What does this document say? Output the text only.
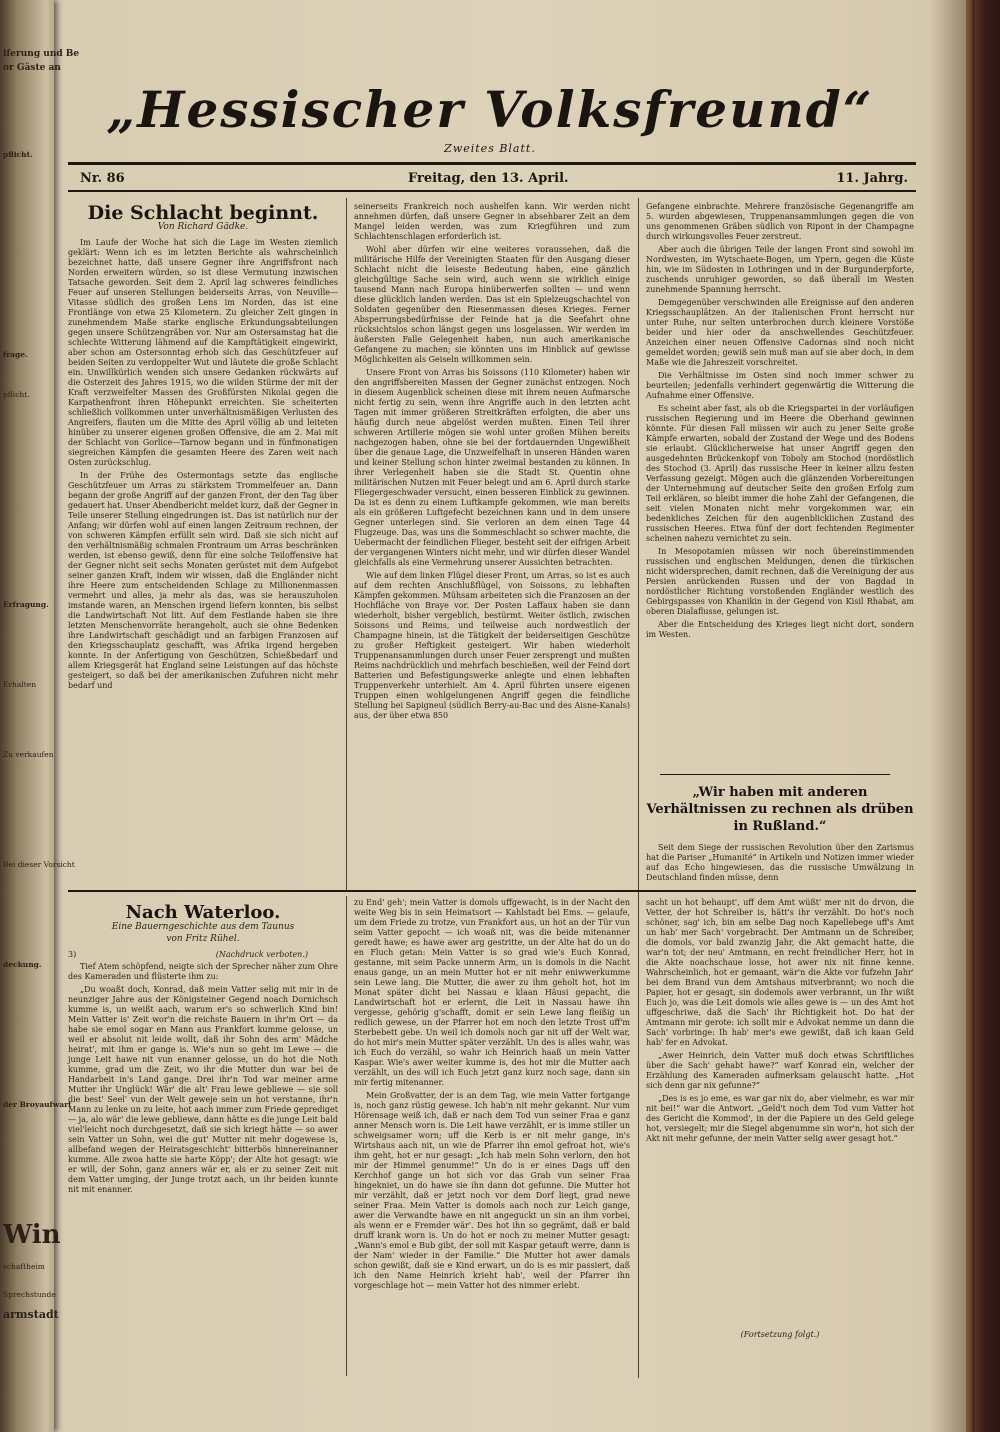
iferung und Be
or Gäste an
pflicht.
frage.
pflicht.
Erfragung.
Erhalten
Zu verkaufen
Bei dieser Vorsicht
deckung.
der Broyaufwart
Win
schaftheim
Sprechstunde
armstadt
„Hessischer Volksfreund“
Zweites Blatt.
Nr. 86	Freitag, den 13. April.	11. Jahrg.
Die Schlacht beginnt.
Von Richard Gädke.

Im Laufe der Woche hat sich die Lage im Westen ziemlich geklärt: Wenn ich es im letzten Berichte als wahrscheinlich bezeichnet hatte, daß unsere Gegner ihre Angriffsfront nach Norden erweitern würden, so ist diese Vermutung inzwischen Tatsache geworden. Seit dem 2. April lag schweres feindliches Feuer auf unseren Stellungen beiderseits Arras, von Neuville—Vitasse südlich des großen Lens im Norden, das ist eine Frontlänge von etwa 25 Kilometern. Zu gleicher Zeit gingen in zunehmendem Maße starke englische Erkundungsabteilungen gegen unsere Schützengräben vor. Nur am Ostersamstag hat die schlechte Witterung lähmend auf die Kampftätigkeit eingewirkt, aber schon am Ostersonntag erhob sich das Geschützfeuer auf beiden Seiten zu verdoppelter Wut und läutete die große Schlacht ein. Unwillkürlich wenden sich unsere Gedanken rückwärts auf die Osterzeit des Jahres 1915, wo die wilden Stürme der mit der Kraft verzweifelter Massen des Großfürsten Nikolai gegen die Karpathenfront ihren Höhepunkt erreichten. Sie scheiterten schließlich vollkommen unter unverhältnismäßigen Verlusten des Angreifers, flauten um die Mitte des April völlig ab und leiteten hinüber zu unserer eigenen großen Offensive, die am 2. Mai mit der Schlacht von Gorlice—Tarnow begann und in fünfmonatigen siegreichen Kämpfen die gesamten Heere des Zaren weit nach Osten zurückschlug.

In der Frühe des Ostermontags setzte das englische Geschützfeuer um Arras zu stärkstem Trommelfeuer an. Dann begann der große Angriff auf der ganzen Front, der den Tag über gedauert hat. Unser Abendbericht meldet kurz, daß der Gegner in Teile unserer Stellung eingedrungen ist. Das ist natürlich nur der Anfang; wir dürfen wohl auf einen langen Zeitraum rechnen, der von schweren Kämpfen erfüllt sein wird. Daß sie sich nicht auf den verhältnismäßig schmalen Frontraum um Arras beschränken werden, ist ebenso gewiß, denn für eine solche Teiloffensive hat der Gegner nicht seit sechs Monaten gerüstet mit dem Aufgebot seiner ganzen Kraft, indem wir wissen, daß die Engländer nicht ihre Heere zum entscheidenden Schlage zu Millionenmassen vermehrt und alles, ja mehr als das, was sie herauszuholen imstande waren, an Menschen irgend liefern konnten, bis selbst die Landwirtschaft Not litt. Auf dem Festlande haben sie ihre letzten Menschenvorräte herangeholt, auch sie ohne Bedenken ihre Landwirtschaft geschädigt und an farbigen Franzosen auf den Kriegsschauplatz geschafft, was Afrika irgend hergeben konnte. In der Anfertigung von Geschützen, Schießbedarf und allem Kriegsgerät hat England seine Leistungen auf das höchste gesteigert, so daß bei der amerikanischen Zufuhren nicht mehr bedarf und

seinerseits Frankreich noch aushelfen kann. Wir werden nicht annehmen dürfen, daß unsere Gegner in absehbarer Zeit an dem Mangel leiden werden, was zum Kriegführen und zum Schlachtenschlagen erforderlich ist.

Wohl aber dürfen wir eine weiteres voraussehen, daß die militärische Hilfe der Vereinigten Staaten für den Ausgang dieser Schlacht nicht die leiseste Bedeutung haben, eine gänzlich gleichgültige Sache sein wird, auch wenn sie wirklich einige tausend Mann nach Europa hinüberwerfen sollten — und wenn diese glücklich landen werden. Das ist ein Spielzeugschachtel von Soldaten gegenüber den Riesenmassen dieses Krieges. Ferner Absperrungsbedürfnisse der Feinde hat ja die Seefahrt ohne rücksichtslos schon längst gegen uns losgelassen. Wir werden im äußersten Falle Gelegenheit haben, nun auch amerikanische Gefangene zu machen; sie könnten uns im Hinblick auf gewisse Möglichkeiten als Geiseln willkommen sein.

Unsere Front von Arras bis Soissons (110 Kilometer) haben wir den angriffsbereiten Massen der Gegner zunächst entzogen. Noch in diesem Augenblick scheinen diese mit ihrem neuen Aufmarsche nicht fertig zu sein, wenn ihre Angriffe auch in den letzten acht Tagen mit immer größeren Streitkräften erfolgten, die aber uns häufig durch neue abgelöst werden mußten. Einen Teil ihrer schweren Artillerie mögen sie wohl unter großen Mühen bereits nachgezogen haben, ohne sie bei der fortdauernden Ungewißheit über die genaue Lage, die Unzweifelhaft in unseren Händen waren und keiner Stellung schon hinter zweimal bestanden zu können. In ihrer Verlegenheit haben sie die Stadt St. Quentin ohne militärischen Nutzen mit Feuer belegt und am 6. April durch starke Fliegergeschwader versucht, einen besseren Einblick zu gewinnen. Da ist es denn zu einem Luftkampfe gekommen, wie man bereits als ein größeren Luftgefecht bezeichnen kann und in dem unsere Gegner unterlegen sind. Sie verloren an dem einen Tage 44 Flugzeuge. Das, was uns die Sommeschlacht so schwer machte, die Uebermacht der feindlichen Flieger, besteht seit der eifrigen Arbeit der vergangenen Winters nicht mehr, und wir dürfen dieser Wandel gleichfalls als eine Vermehrung unserer Aussichten betrachten.

Wie auf dem linken Flügel dieser Front, um Arras, so ist es auch auf dem rechten Anschlußflügel, von Soissons, zu lebhaften Kämpfen gekommen. Mühsam arbeiteten sich die Franzosen an der Hochfläche von Braye vor. Der Posten Laffaux haben sie dann wiederholt, bisher vergeblich, bestürmt. Weiter östlich, zwischen Soissons und Reims, und teilweise auch nordwestlich der Champagne hinein, ist die Tätigkeit der beiderseitigen Geschütze zu großer Heftigkeit gesteigert. Wir haben wiederholt Truppenansammlungen durch unser Feuer zersprengt und mußten Reims nachdrücklich und mehrfach beschießen, weil der Feind dort Batterien und Befestigungswerke anlegte und einen lebhaften Truppenverkehr unterhielt. Am 4. April führten unsere eigenen Truppen einen wohlgelungenen Angriff gegen die feindliche Stellung bei Sapigneul (südlich Berry-au-Bac und des Aisne-Kanals) aus, der über etwa 850

Gefangene einbrachte. Mehrere französische Gegenangriffe am 5. wurden abgewiesen, Truppenansammlungen gegen die von uns genommenen Gräben südlich von Ripont in der Champagne durch wirkungsvolles Feuer zerstreut.

Aber auch die übrigen Teile der langen Front sind sowohl im Nordwesten, im Wytschaete-Bogen, um Ypern, gegen die Küste hin, wie im Südosten in Lothringen und in der Burgunderpforte, zuschends unruhiger geworden, so daß überall im Westen zunehmende Spannung herrscht.

Demgegenüber verschwinden alle Ereignisse auf den anderen Kriegsschauplätzen. An der italienischen Front herrscht nur unter Ruhe, nur selten unterbrochen durch kleinere Vorstöße beider und hier oder da anschwellendes Geschützfeuer. Anzeichen einer neuen Offensive Cadornas sind noch nicht gemeldet worden; gewiß sein muß man auf sie aber doch, in dem Maße wie die Jahreszeit vorschreitet.

Die Verhältnisse im Osten sind noch immer schwer zu beurteilen; jedenfalls verhindert gegenwärtig die Witterung die Aufnahme einer Offensive.

Es scheint aber fast, als ob die Kriegspartei in der vorläufigen russischen Regierung und im Heere die Oberhand gewinnen könnte. Für diesen Fall müssen wir auch zu jener Seite große Kämpfe erwarten, sobald der Zustand der Wege und des Bodens sie erlaubt. Glücklicherweise hat unser Angriff gegen den ausgedehnten Brückenkopf von Toboly am Stochod (nordöstlich des Stochod (3. April) das russische Heer in keiner allzu festen Verfassung gezeigt. Mögen auch die glänzenden Vorbereitungen der Unternehmung auf deutscher Seite den großen Erfolg zum Teil erklären, so bleibt immer die hohe Zahl der Gefangenen, die seit vielen Monaten nicht mehr vorgekommen war, ein bedenkliches Zeichen für den augenblicklichen Zustand des russischen Heeres. Etwa fünf der dort fechtenden Regimenter scheinen nahezu vernichtet zu sein.

In Mesopotamien müssen wir noch übereinstimmenden russischen und englischen Meldungen, denen die türkischen nicht widersprechen, damit rechnen, daß die Vereinigung der aus Persien anrückenden Russen und der von Bagdad in nordöstlicher Richtung vorstoßenden Engländer westlich des Gebirgspasses von Khanikin in der Gegend von Kisil Rhabat, am oberen Dialaflusse, gelungen ist.

Aber die Entscheidung des Krieges liegt nicht dort, sondern im Westen.

„Wir haben mit anderen Verhältnissen zu rechnen als drüben in Rußland.“

Seit dem Siege der russischen Revolution über den Zarismus hat die Pariser „Humanité“ in Artikeln und Notizen immer wieder auf das Echo hingewiesen, das die russische Umwälzung in Deutschland finden müsse, denn

Nach Waterloo.
Eine Bauerngeschichte aus dem Taunus
von Fritz Rühel.
3)	(Nachdruck verboten.)

Tief Atem schöpfend, neigte sich der Sprecher näher zum Ohre des Kameraden und flüsterte ihm zu:

„Du woaßt doch, Konrad, daß mein Vatter selig mit mir in de neunziger Jahre aus der Königsteiner Gegend noach Dornichsch kumme is, un weißt aach, warum er's so schwerlich Kind bin! Mein Vatter is' Zeit wor'n die reichste Bauern in ihr'm Ort — da habe sie emol sogar en Mann aus Frankfort kumme gelosse, un weil er absolut nit leide wollt, daß ihr Sohn des arm' Mädche heirat', mit ihm er gange is. Wie's nun so geht im Lewe — die junge Leit hawe nit vun enanner gelosse, un do hot die Noth kumme, grad um die Zeit, wo ihr die Mutter dun war bei de Handarbeit in's Land gange. Drei ihr'n Tod war meiner arme Mutter ihr Unglück! Wär' die alt' Frau lewe gebliewe — sie soll die best' Seel' vun der Welt geweje sein un hot verstanne, ihr'n Mann zu lenke un zu leite, hot aach immer zum Friede geprediget — ja, alo wär' die lewe gebliewe, dann hätte es die junge Leit bald viel'leicht noch durchgesetzt, daß sie sich kriegt hätte — so awer sein Vatter un Sohn, wei die gut' Mutter nit mehr dogewese is, allbefand wegen der Heiratsgeschicht' bitterbös hinnereinanner kumme. Alle zwoa hatte sie harte Köpp'; der Alte hot gesagt: wie er will, der Sohn, ganz anners wär er, als er zu seiner Zeit mit dem Vatter umging, der Junge trotzt aach, un ihr beiden kunnte nit mit enanner.

zu End' geh'; mein Vatter is domols uffgewacht, is in der Nacht den weite Weg bis in sein Heimatsort — Kahlstadt bei Ems. — gelaufe, um dem Friede zu trotze, vun Frankfort aus, un hot an der Tür vun seim Vatter gepocht — ich woaß nit, was die beide mitenanner geredt hawe; es hawe awer arg gestritte, un der Alte hat do un do en Fluch getan: Mein Vatter is so grad wie's Euch Konrad, gestanne, mit seim Packe unnerm Arm, un is domols in die Nacht enaus gange, un an mein Mutter hot er nit mehr eniwwerkumme sein Lewe lang. Die Mutter, die awer zu ihm geholt hot, hot im Monat später dicht bei Nassau e klaan Häusi gepacht, die Landwirtschaft hot er erlernt, die Leit in Nassau hawe ihn vergesse, gehörig g'schafft, domit er sein Lewe lang fleißig un redlich gewese, un der Pfarrer hot em noch den letzte Trost uff'm Sterbebett gebe. Un weil ich domols noch gar nit uff der Welt war, do hot mir's mein Mutter später verzählt. Un des is alles wahr, was ich Euch do verzähl, so wahr ich Heinrich haaß un mein Vatter Kaspar. Wie's awer weiter kumme is, des hot mir die Mutter aach verzählt, un des will ich Euch jetzt ganz kurz noch sage, dann sin mir fertig mitenanner.

Mein Großvatter, der is an dem Tag, wie mein Vatter fortgange is, noch ganz rüstig gewese. Ich hab'n nit mehr gekannt. Nur vum Hörensage weiß ich, daß er nach dem Tod vun seiner Fraa e ganz anner Mensch worn is. Die Leit hawe verzählt, er is imme stiller un schweigsamer worn; uff die Kerb is er nit mehr gange, in's Wirtshaus aach nit, un wie de Pfarrer ihn emol gefroat hot, wie's ihm geht, hot er nur gesagt: „Ich hab mein Sohn verlorn, den hot mir der Himmel genumme!“ Un do is er eines Dags uff den Kerchhof gange un hot sich vor das Grab vun seiner Fraa hingekniet, un do hawe sie ihn dann dot gefunne. Die Mutter hot mir verzählt, daß er jetzt noch vor dem Dorf liegt, grad newe seiner Fraa. Mein Vatter is domols aach noch zur Leich gange, awer die Verwandte hawe en nit angeguckt un sin an ihm vorbei, als wenn er e Fremder wär'. Des hot ihn so gegrämt, daß er bald druff krank worn is. Un do hot er noch zu meiner Mutter gesagt: „Wann's emol e Bub gibt, der soll mit Kaspar getauft werre, dann is der Nam' wieder in der Familie.“ Die Mutter hot awer damals schon gewißt, daß sie e Kind erwart, un do is es mir passiert, daß ich den Name Heinrich krieht hab', weil der Pfarrer ihn vorgeschlage hot — mein Vatter hot des nimmer erlebt.

sacht un hot behaupt', uff dem Amt wüßt' mer nit do drvon, die Vetter, der hot Schreiber is, hätt's ihr verzählt. Do hot's noch schöner, sag' ich, bin am selbe Dag noch Kapellebege uff's Amt un hab' mer Sach' vorgebracht. Der Amtmann un de Schreiber, die domols, vor bald zwanzig Jahr, die Akt gemacht hatte, die war'n tot; der neu' Amtmann, en recht freindlicher Herr, hot in die Akte noachschaue losse, hot awer nix nit finne kenne. Wahrscheinlich, hot er gemaant, wär'n die Akte vor fufzehn Jahr' bei dem Brand vun dem Amtshaus mitverbrannt; wo noch die Papier, hot er gesagt, sin dodemols awer verbrannt, un Ihr wißt Euch jo, was die Leit domols wie alles gewe is — un des Amt hot uffgeschriwe, daß die Sach' ihr Richtigkeit hot. Do hat der Amtmann mir gerote: ich sollt mir e Advokat nemme un dann die Sach' vorbringe: Ih hab' mer's ewe gewißt, daß ich kaan Geld hab' fer en Advokat.

„Awer Heinrich, dein Vatter muß doch etwas Schriftliches über die Sach' gehabt hawe?“ warf Konrad ein, welcher der Erzählung des Kameraden aufmerksam gelauscht hatte. „Hot sich denn gar nix gefunne?“

„Des is es jo eme, es war gar nix do, aber vielmehr, es war mir nit bei!“ war die Antwort. „Geld't noch dem Tod vum Vatter hot des Gericht die Kommod', in der die Papiere un des Geld gelege hot, versiegelt; mir die Siegel abgenumme sin wor'n, hot sich der Akt nit mehr gefunne, der mein Vatter selig awer gesagt hot.“

(Fortsetzung folgt.)
